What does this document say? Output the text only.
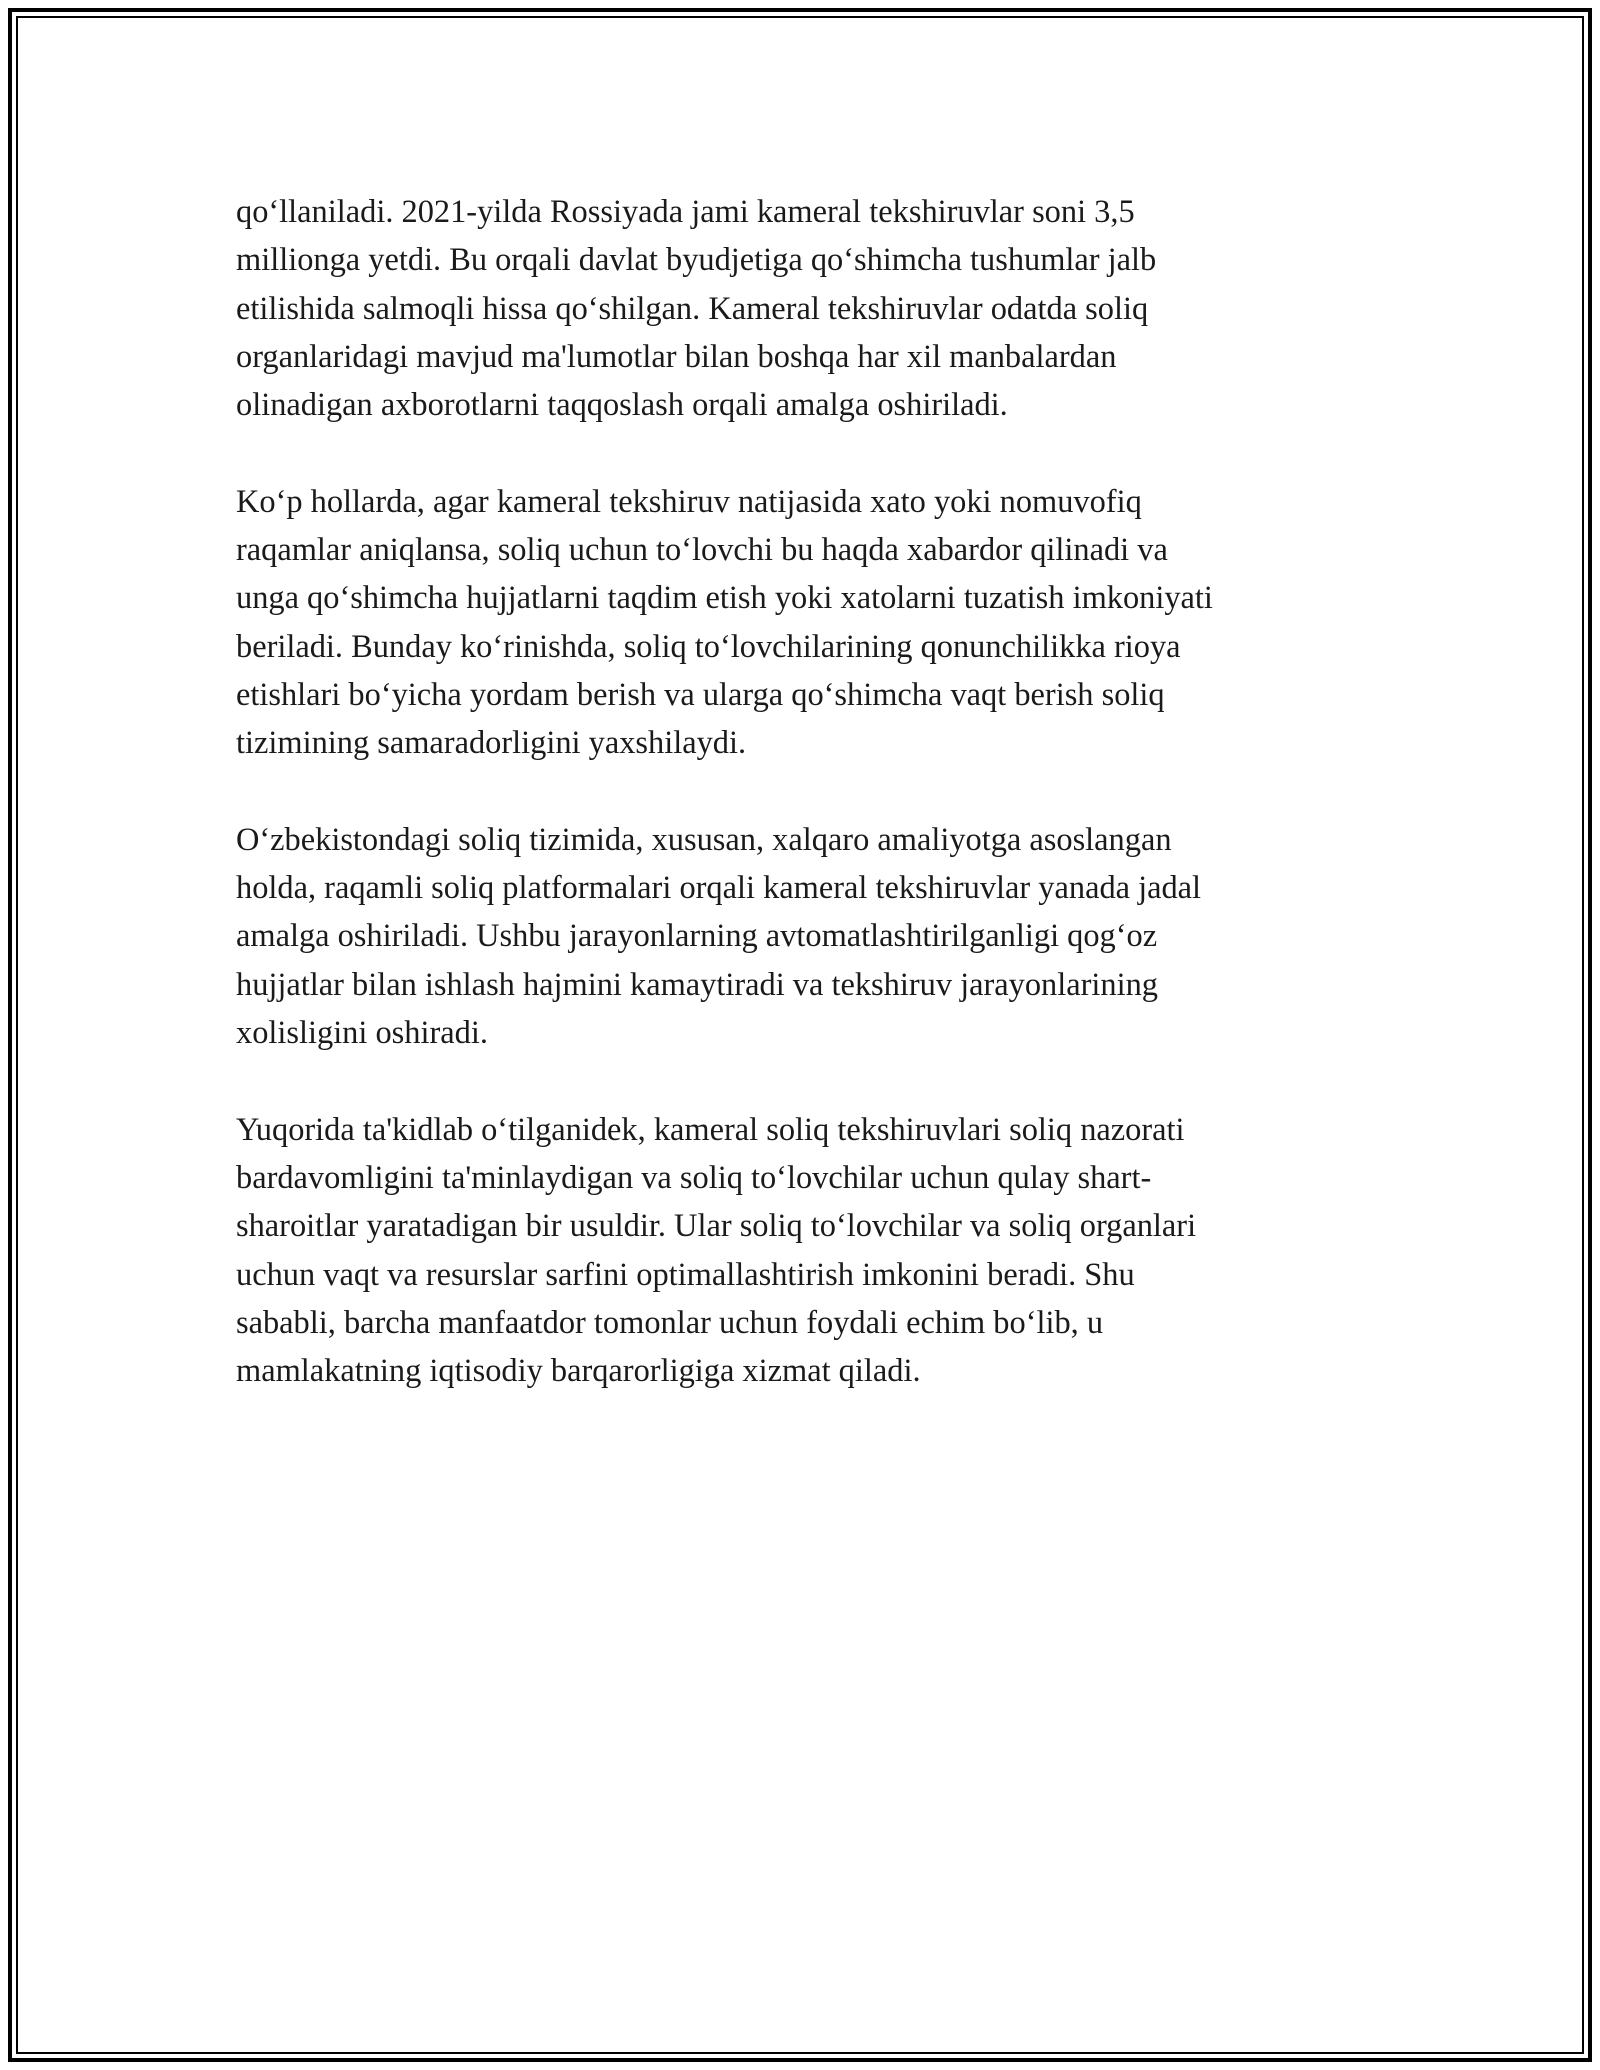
qo‘llaniladi. 2021-yilda Rossiyada jami kameral tekshiruvlar soni 3,5
millionga yetdi. Bu orqali davlat byudjetiga qo‘shimcha tushumlar jalb
etilishida salmoqli hissa qo‘shilgan. Kameral tekshiruvlar odatda soliq
organlaridagi mavjud ma'lumotlar bilan boshqa har xil manbalardan
olinadigan axborotlarni taqqoslash orqali amalga oshiriladi.

Ko‘p hollarda, agar kameral tekshiruv natijasida xato yoki nomuvofiq
raqamlar aniqlansa, soliq uchun to‘lovchi bu haqda xabardor qilinadi va
unga qo‘shimcha hujjatlarni taqdim etish yoki xatolarni tuzatish imkoniyati
beriladi. Bunday ko‘rinishda, soliq to‘lovchilarining qonunchilikka rioya
etishlari bo‘yicha yordam berish va ularga qo‘shimcha vaqt berish soliq
tizimining samaradorligini yaxshilaydi.

O‘zbekistondagi soliq tizimida, xususan, xalqaro amaliyotga asoslangan
holda, raqamli soliq platformalari orqali kameral tekshiruvlar yanada jadal
amalga oshiriladi. Ushbu jarayonlarning avtomatlashtirilganligi qog‘oz
hujjatlar bilan ishlash hajmini kamaytiradi va tekshiruv jarayonlarining
xolisligini oshiradi.

Yuqorida ta'kidlab o‘tilganidek, kameral soliq tekshiruvlari soliq nazorati
bardavomligini ta'minlaydigan va soliq to‘lovchilar uchun qulay shart-
sharoitlar yaratadigan bir usuldir. Ular soliq to‘lovchilar va soliq organlari
uchun vaqt va resurslar sarfini optimallashtirish imkonini beradi. Shu
sababli, barcha manfaatdor tomonlar uchun foydali echim bo‘lib, u
mamlakatning iqtisodiy barqarorligiga xizmat qiladi.
